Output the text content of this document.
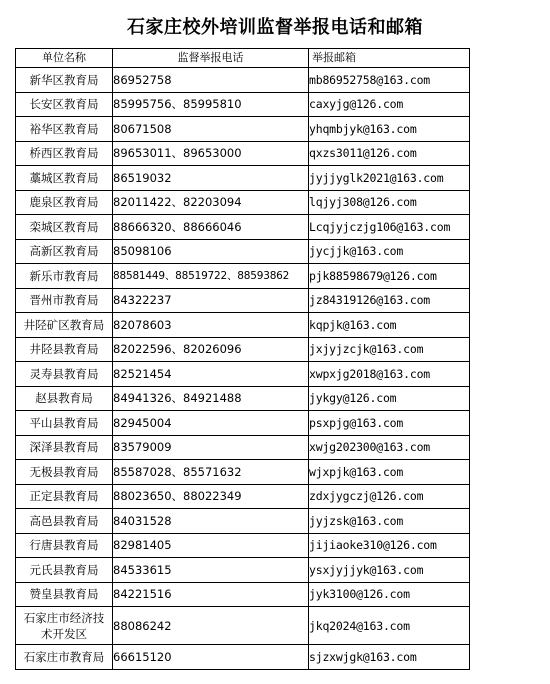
石家庄校外培训监督举报电话和邮箱
单位名称	监督举报电话	举报邮箱
新华区教育局	86952758	mb86952758@163.com
长安区教育局	85995756、85995810	caxyjg@126.com
裕华区教育局	80671508	yhqmbjyk@163.com
桥西区教育局	89653011、89653000	qxzs3011@126.com
藁城区教育局	86519032	jyjjyglk2021@163.com
鹿泉区教育局	82011422、82203094	lqjyj308@126.com
栾城区教育局	88666320、88666046	Lcqjyjczjg106@163.com
高新区教育局	85098106	jycjjk@163.com
新乐市教育局	88581449、88519722、88593862	pjk88598679@126.com
晋州市教育局	84322237	jz84319126@163.com
井陉矿区教育局	82078603	kqpjk@163.com
井陉县教育局	82022596、82026096	jxjyjzcjk@163.com
灵寿县教育局	82521454	xwpxjg2018@163.com
赵县教育局	84941326、84921488	jykgy@126.com
平山县教育局	82945004	psxpjg@163.com
深泽县教育局	83579009	xwjg202300@163.com
无极县教育局	85587028、85571632	wjxpjk@163.com
正定县教育局	88023650、88022349	zdxjygczj@126.com
高邑县教育局	84031528	jyjzsk@163.com
行唐县教育局	82981405	jijiaoke310@126.com
元氏县教育局	84533615	ysxjyjjyk@163.com
赞皇县教育局	84221516	jyk3100@126.com
石家庄市经济技术开发区	88086242	jkq2024@163.com
石家庄市教育局	66615120	sjzxwjgk@163.com
